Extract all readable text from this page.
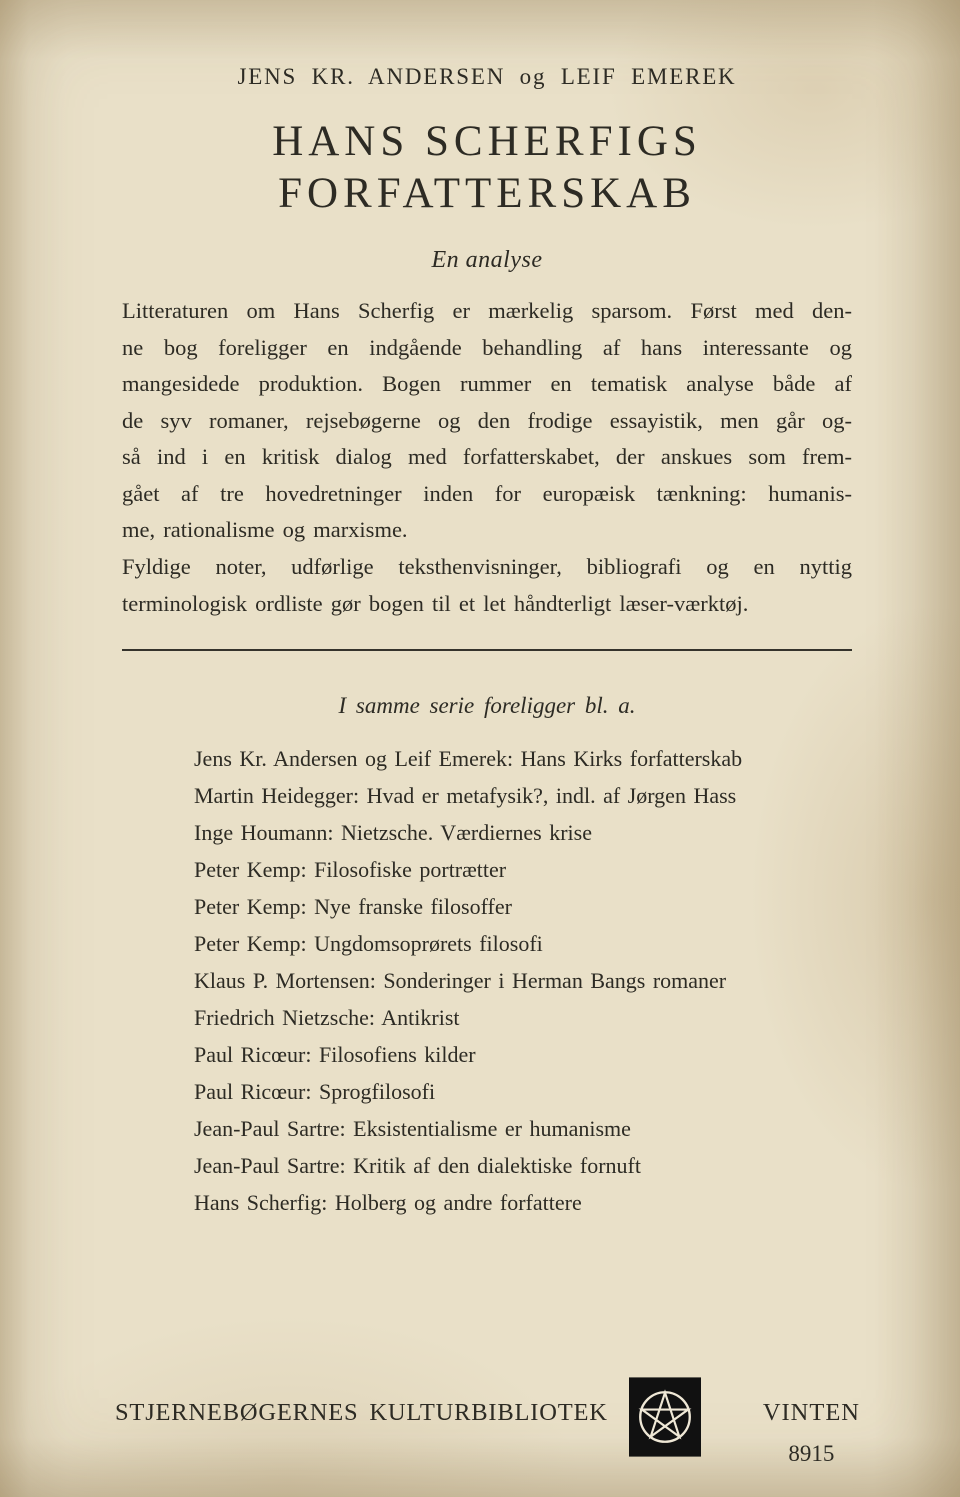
JENS KR. ANDERSEN og LEIF EMEREK
HANS SCHERFIGS
FORFATTERSKAB
En analyse
Litteraturen om Hans Scherfig er mærkelig sparsom. Først med den-
ne bog foreligger en indgående behandling af hans interessante og
mangesidede produktion. Bogen rummer en tematisk analyse både af
de syv romaner, rejsebøgerne og den frodige essayistik, men går og-
så ind i en kritisk dialog med forfatterskabet, der anskues som frem-
gået af tre hovedretninger inden for europæisk tænkning: humanis-
me, rationalisme og marxisme.
Fyldige noter, udførlige teksthenvisninger, bibliografi og en nyttig
terminologisk ordliste gør bogen til et let håndterligt læser-værktøj.
I samme serie foreligger bl. a.
Jens Kr. Andersen og Leif Emerek: Hans Kirks forfatterskab
Martin Heidegger: Hvad er metafysik?, indl. af Jørgen Hass
Inge Houmann: Nietzsche. Værdiernes krise
Peter Kemp: Filosofiske portrætter
Peter Kemp: Nye franske filosoffer
Peter Kemp: Ungdomsoprørets filosofi
Klaus P. Mortensen: Sonderinger i Herman Bangs romaner
Friedrich Nietzsche: Antikrist
Paul Ricœur: Filosofiens kilder
Paul Ricœur: Sprogfilosofi
Jean-Paul Sartre: Eksistentialisme er humanisme
Jean-Paul Sartre: Kritik af den dialektiske fornuft
Hans Scherfig: Holberg og andre forfattere
STJERNEBØGERNES KULTURBIBLIOTEK	VINTEN
8915
